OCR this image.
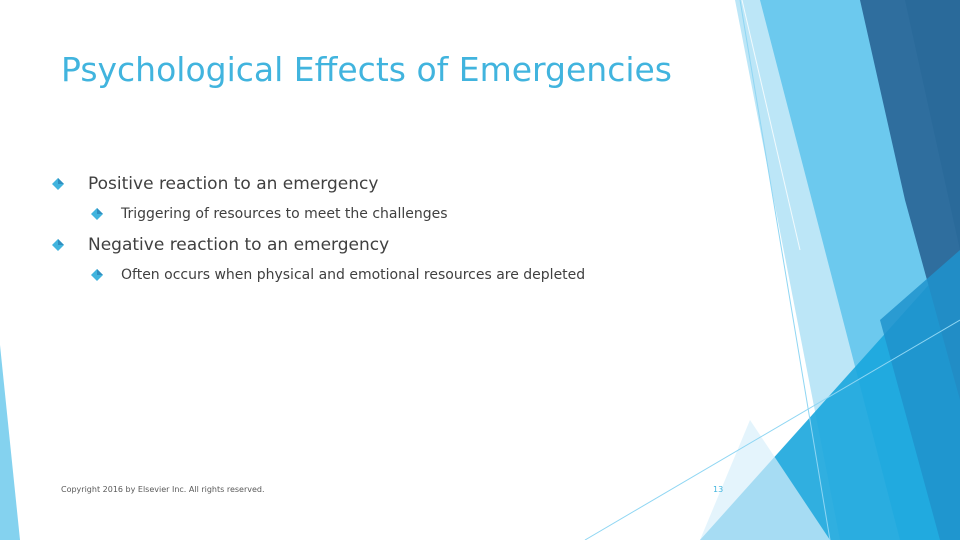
Psychological Effects of Emergencies
Positive reaction to an emergency
Triggering of resources to meet the challenges
Negative reaction to an emergency
Often occurs when physical and emotional resources are depleted
Copyright 2016 by Elsevier Inc. All rights reserved.	13
